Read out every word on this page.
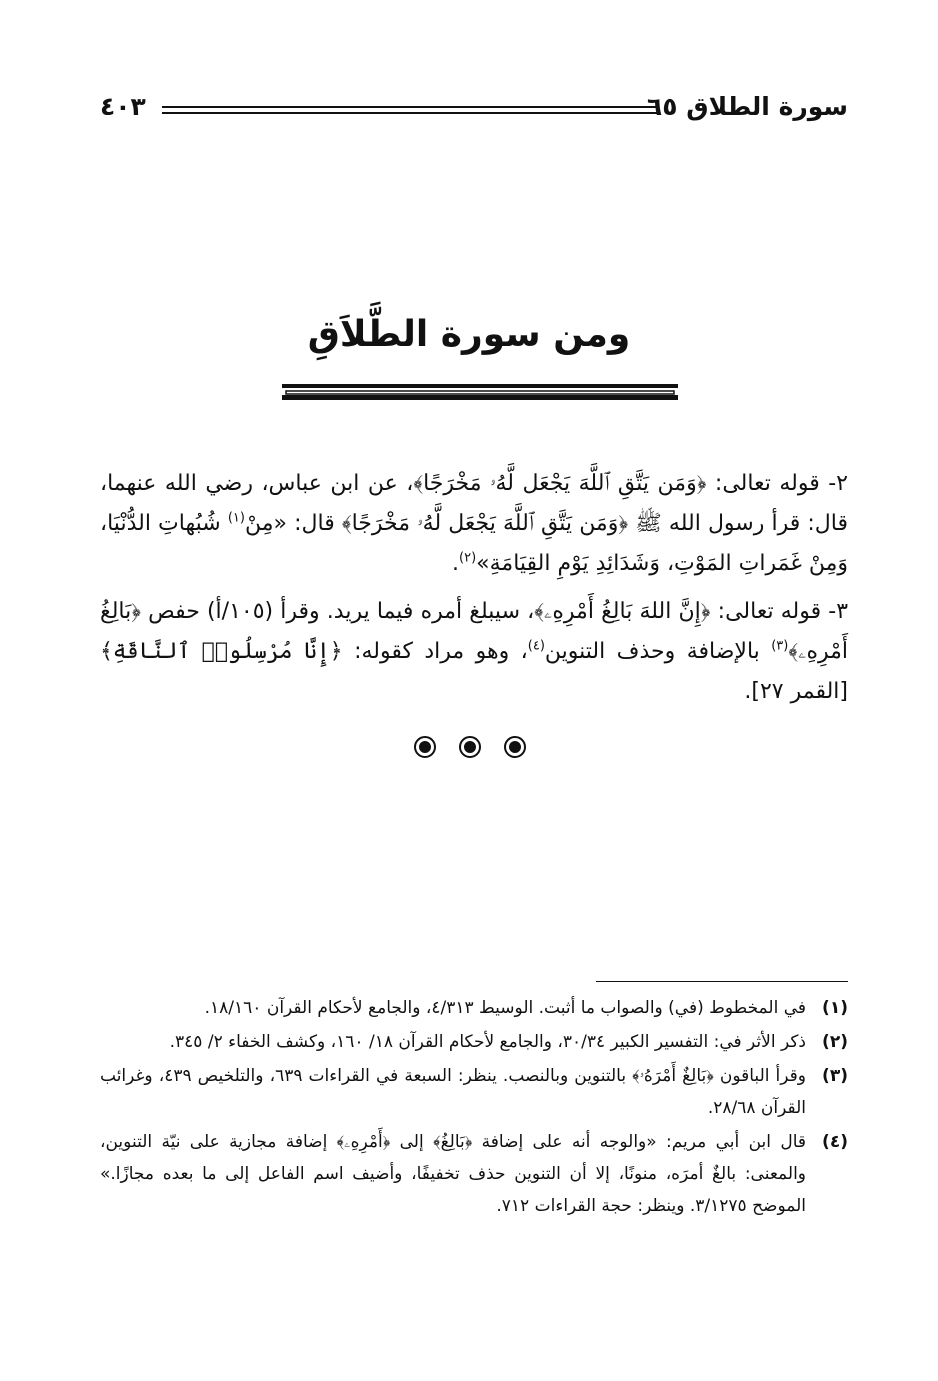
سورة الطلاق ٦٥
٤٠٣
ومن سورة الطَّلاَقِ

٢- قوله تعالى: ﴿وَمَن يَتَّقِ ٱللَّهَ يَجْعَل لَّهُۥ مَخْرَجًا﴾، عن ابن عباس، رضي الله عنهما، قال: قرأ رسول الله ﷺ ﴿وَمَن يَتَّقِ ٱللَّهَ يَجْعَل لَّهُۥ مَخْرَجًا﴾ قال: «مِنْ$^{(١)}$ شُبُهاتِ الدُّنْيَا، وَمِنْ غَمَراتِ المَوْتِ، وَشَدَائِدِ يَوْمِ القِيَامَةِ»$^{(٢)}$.

٣- قوله تعالى: ﴿إِنَّ اللهَ بَالِغُ أَمْرِهِۦ﴾، سيبلغ أمره فيما يريد. وقرأ (١٠٥/أ) حفص ﴿بَالِغُ أَمْرِهِۦ﴾$^{(٣)}$ بالإضافة وحذف التنوين$^{(٤)}$، وهو مراد كقوله: ﴿إِنَّا مُرْسِلُوا۟ ٱلنَّاقَةِ﴾ [القمر ٢٧].

(١)
في المخطوط (في) والصواب ما أثبت. الوسيط ٤/٣١٣، والجامع لأحكام القرآن ١٨/١٦٠.
(٢)
ذكر الأثر في: التفسير الكبير ٣٠/٣٤، والجامع لأحكام القرآن ١٨/ ١٦٠، وكشف الخفاء ٢/ ٣٤٥.
(٣)
وقرأ الباقون ﴿بَالِغٌ أَمْرَهُۥ﴾ بالتنوين وبالنصب. ينظر: السبعة في القراءات ٦٣٩، والتلخيص ٤٣٩، وغرائب القرآن ٢٨/٦٨.
(٤)
قال ابن أبي مريم: «والوجه أنه على إضافة ﴿بَالِغُ﴾ إلى ﴿أَمْرِهِۦ﴾ إضافة مجازية على نيّة التنوين، والمعنى: بالغٌ أمرَه، منونًا، إلا أن التنوين حذف تخفيفًا، وأضيف اسم الفاعل إلى ما بعده مجازًا.» الموضح ٣/١٢٧٥. وينظر: حجة القراءات ٧١٢.
